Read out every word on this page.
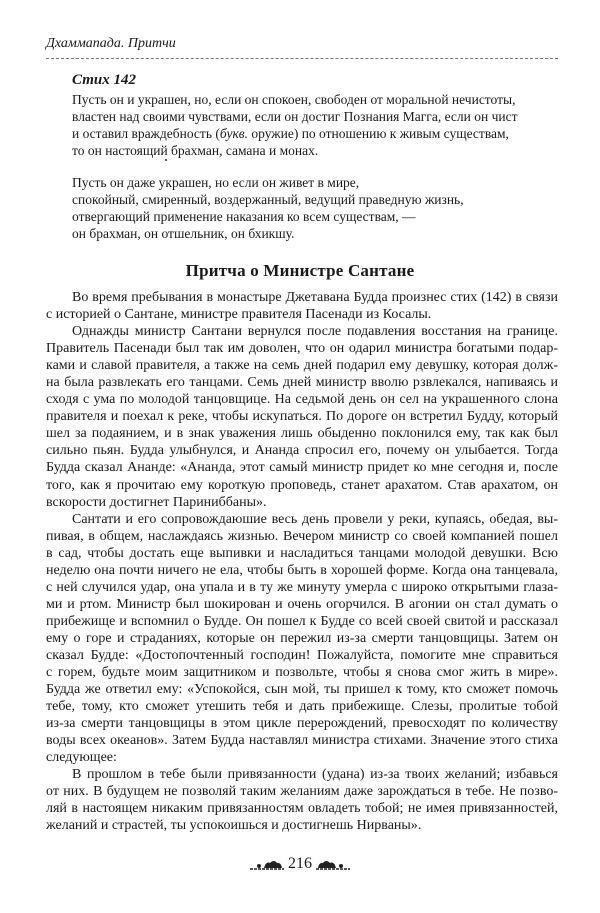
Дхаммапада. Притчи
Стих 142
Пусть он и украшен, но, если он спокоен, свободен от моральной нечистоты,
властен над своими чувствами, если он достиг Познания Магга, если он чист
и оставил враждебность (букв. оружие) по отношению к живым существам,
то он настоящий брахман, самана и монах.
Пусть он даже украшен, но если он живет в мире,
спокойный, смиренный, воздержанный, ведущий праведную жизнь,
отвергающий применение наказания ко всем существам, —
он брахман, он отшельник, он бхикшу.
Притча о Министре Сантане
Во время пребывания в монастыре Джетавана Будда произнес стих (142) в связи
с историей о Сантане, министре правителя Пасенади из Косалы.
Однажды министр Сантани вернулся после подавления восстания на границе.
Правитель Пасенади был так им доволен, что он одарил министра богатыми подар-
ками и славой правителя, а также на семь дней подарил ему девушку, которая долж-
на была развлекать его танцами. Семь дней министр вволю рзвлекался, напиваясь и
сходя с ума по молодой танцовщице. На седьмой день он сел на украшенного слона
правителя и поехал к реке, чтобы искупаться. По дороге он встретил Будду, который
шел за подаянием, и в знак уважения лишь обыденно поклонился ему, так как был
сильно пьян. Будда улыбнулся, и Ананда спросил его, почему он улыбается. Тогда
Будда сказал Ананде: «Ананда, этот самый министр придет ко мне сегодня и, после
того, как я прочитаю ему короткую проповедь, станет арахатом. Став арахатом, он
вскорости достигнет Париниббаны».
Сантати и его сопровождаюшие весь день провели у реки, купаясь, обедая, вы-
пивая, в общем, наслаждаясь жизнью. Вечером министр со своей компанией пошел
в сад, чтобы достать еще выпивки и насладиться танцами молодой девушки. Всю
неделю она почти ничего не ела, чтобы быть в хорошей форме. Когда она танцевала,
с ней случился удар, она упала и в ту же минуту умерла с широко открытыми глаза-
ми и ртом. Министр был шокирован и очень огорчился. В агонии он стал думать о
прибежище и вспомнил о Будде. Он пошел к Будде со всей своей свитой и рассказал
ему о горе и страданиях, которые он пережил из-за смерти танцовщицы. Затем он
сказал Будде: «Достопочтенный господин! Пожалуйста, помогите мне справиться
с горем, будьте моим защитником и позвольте, чтобы я снова смог жить в мире».
Будда же ответил ему: «Успокойся, сын мой, ты пришел к тому, кто сможет помочь
тебе, тому, кто сможет утешить тебя и дать прибежище. Слезы, пролитые тобой
из-за смерти танцовщицы в этом цикле перерождений, превосходят по количеству
воды всех океанов». Затем Будда наставлял министра стихами. Значение этого стиха
следующее:
В прошлом в тебе были привязанности (удана) из-за твоих желаний; избавься
от них. В будущем не позволяй таким желаниям даже зарождаться в тебе. Не позво-
ляй в настоящем никаким привязанностям овладеть тобой; не имея привязанностей,
желаний и страстей, ты успокоишься и достигнешь Нирваны».
216
